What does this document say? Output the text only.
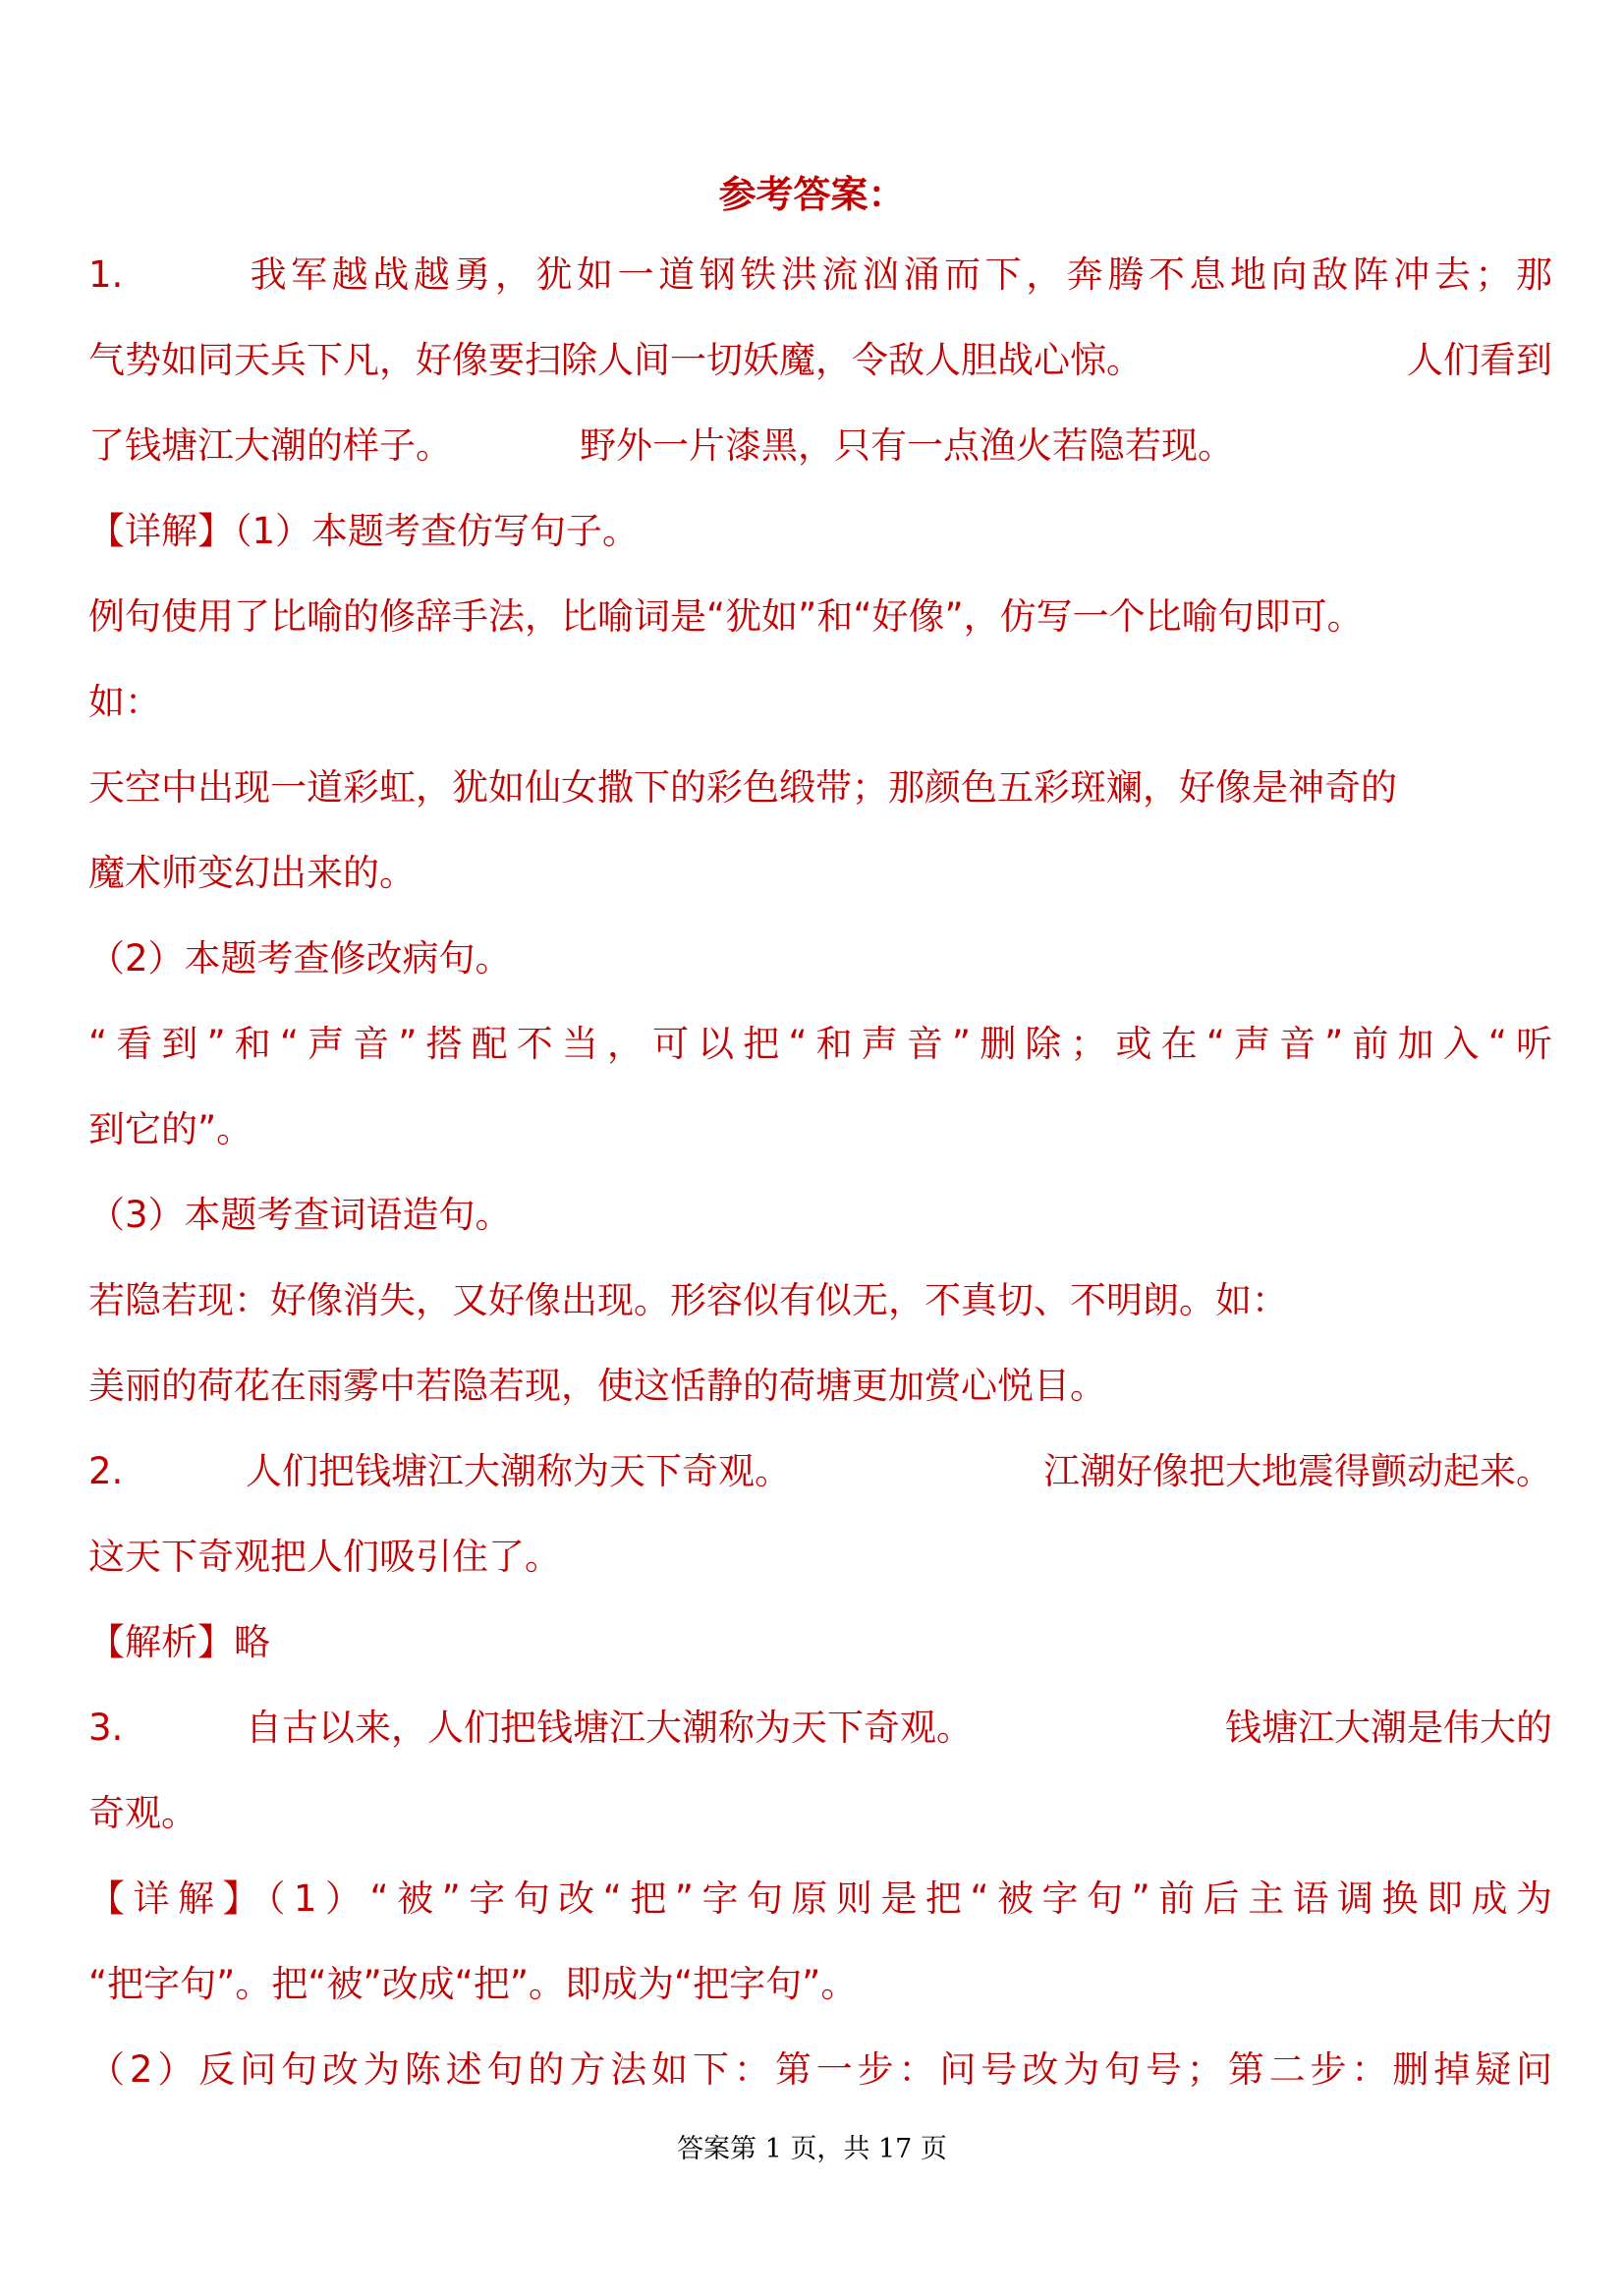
参考答案：
1.	我军越战越勇，犹如一道钢铁洪流汹涌而下，奔腾不息地向敌阵冲去；那
气势如同天兵下凡，好像要扫除人间一切妖魔，令敌人胆战心惊。	人们看到
了钱塘江大潮的样子。	野外一片漆黑，只有一点渔火若隐若现。
【详解】（1）本题考查仿写句子。
例句使用了比喻的修辞手法，比喻词是“犹如”和“好像”，仿写一个比喻句即可。
如：
天空中出现一道彩虹，犹如仙女撒下的彩色缎带；那颜色五彩斑斓，好像是神奇的
魔术师变幻出来的。
（2）本题考查修改病句。
“看到”和“声音”搭配不当，可以把“和声音”删除；或在“声音”前加入“听
到它的”。
（3）本题考查词语造句。
若隐若现：好像消失，又好像出现。形容似有似无，不真切、不明朗。如：
美丽的荷花在雨雾中若隐若现，使这恬静的荷塘更加赏心悦目。
2.	人们把钱塘江大潮称为天下奇观。	江潮好像把大地震得颤动起来。
这天下奇观把人们吸引住了。
【解析】略
3.	自古以来，人们把钱塘江大潮称为天下奇观。	钱塘江大潮是伟大的
奇观。
【详解】（1）“被”字句改“把”字句原则是把“被字句”前后主语调换即成为
“把字句”。把“被”改成“把”。即成为“把字句”。
（2）反问句改为陈述句的方法如下：第一步：问号改为句号；第二步：删掉疑问
答案第 1 页，共 17 页
